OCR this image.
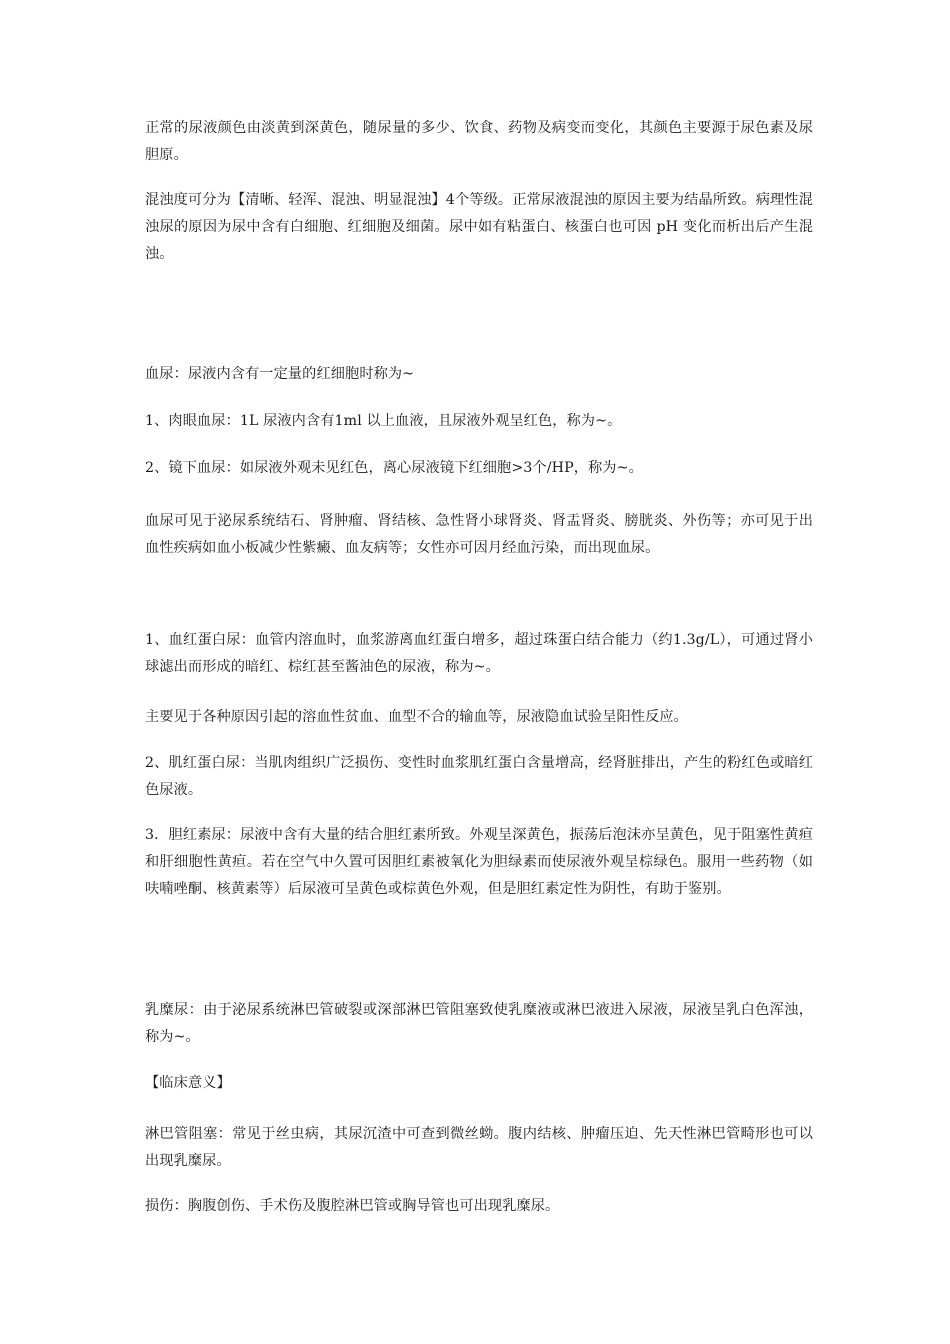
正常的尿液颜色由淡黄到深黄色，随尿量的多少、饮食、药物及病变而变化，其颜色主要源于尿色素及尿胆原。

混浊度可分为【清晰、轻浑、混浊、明显混浊】4个等级。正常尿液混浊的原因主要为结晶所致。病理性混浊尿的原因为尿中含有白细胞、红细胞及细菌。尿中如有粘蛋白、核蛋白也可因 pH 变化而析出后产生混浊。

血尿：尿液内含有一定量的红细胞时称为~

1、肉眼血尿：1L 尿液内含有1ml 以上血液，且尿液外观呈红色，称为~。

2、镜下血尿：如尿液外观未见红色，离心尿液镜下红细胞>3个/HP，称为~。

血尿可见于泌尿系统结石、肾肿瘤、肾结核、急性肾小球肾炎、肾盂肾炎、膀胱炎、外伤等；亦可见于出血性疾病如血小板减少性紫癜、血友病等；女性亦可因月经血污染，而出现血尿。

1、血红蛋白尿：血管内溶血时，血浆游离血红蛋白增多，超过珠蛋白结合能力（约1.3g/L），可通过肾小球滤出而形成的暗红、棕红甚至酱油色的尿液，称为~。

主要见于各种原因引起的溶血性贫血、血型不合的输血等，尿液隐血试验呈阳性反应。

2、肌红蛋白尿：当肌肉组织广泛损伤、变性时血浆肌红蛋白含量增高，经肾脏排出，产生的粉红色或暗红色尿液。

3．胆红素尿：尿液中含有大量的结合胆红素所致。外观呈深黄色，振荡后泡沫亦呈黄色，见于阻塞性黄疸和肝细胞性黄疸。若在空气中久置可因胆红素被氧化为胆绿素而使尿液外观呈棕绿色。服用一些药物（如呋喃唑酮、核黄素等）后尿液可呈黄色或棕黄色外观，但是胆红素定性为阴性，有助于鉴别。

乳糜尿：由于泌尿系统淋巴管破裂或深部淋巴管阻塞致使乳糜液或淋巴液进入尿液，尿液呈乳白色浑浊，称为~。

【临床意义】

淋巴管阻塞：常见于丝虫病，其尿沉渣中可查到微丝蚴。腹内结核、肿瘤压迫、先天性淋巴管畸形也可以出现乳糜尿。

损伤：胸腹创伤、手术伤及腹腔淋巴管或胸导管也可出现乳糜尿。
